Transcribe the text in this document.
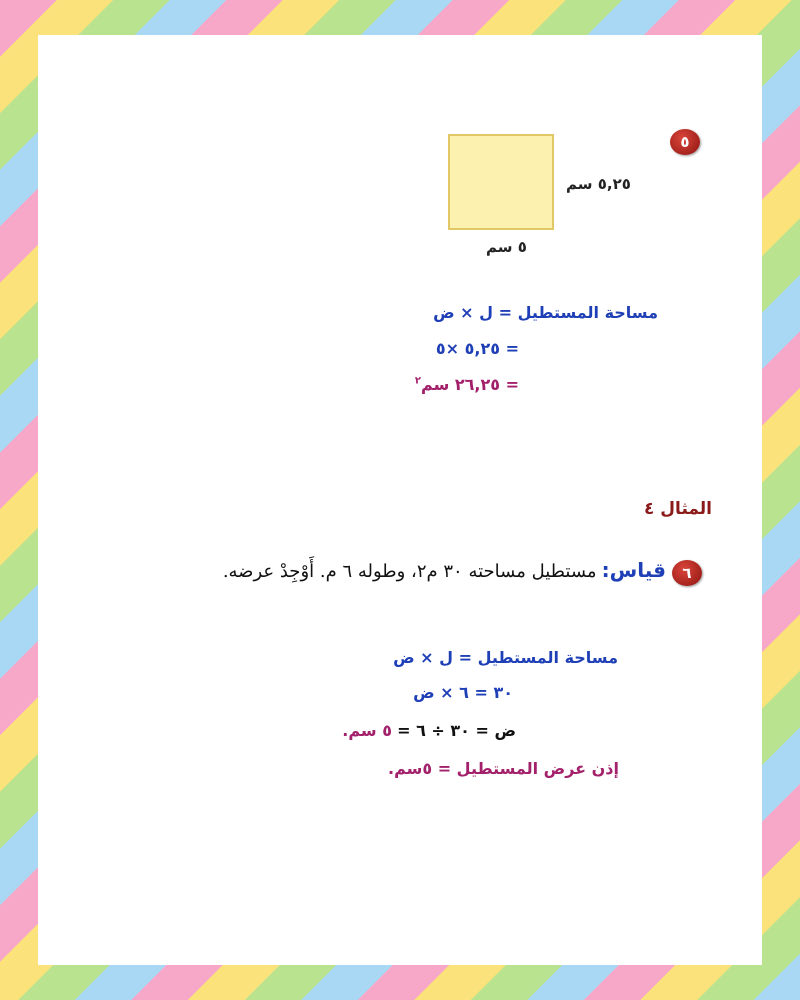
٥
٥,٢٥ سم
٥ سم
مساحة المستطيل = ل × ض
= ٥,٢٥ ×٥
= ٢٦,٢٥ سم$^٢$
المثال ٤
٦
قياس: مستطيل مساحته ٣٠ م٢، وطوله ٦ م. أَوْجِدْ عرضه.
مساحة المستطيل = ل × ض
٣٠ = ٦ × ض
ض = ٣٠ ÷ ٦ = ٥ سم.
إذن عرض المستطيل = ٥سم.
